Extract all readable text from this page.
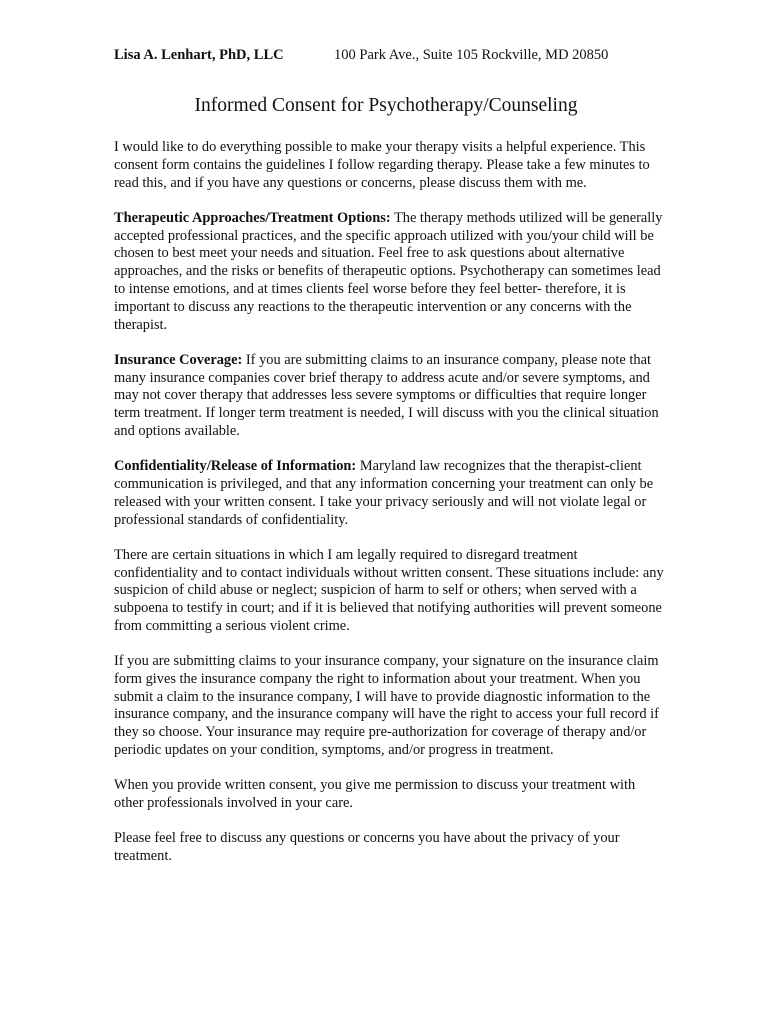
Lisa A. Lenhart, PhD, LLC	100 Park Ave., Suite 105 Rockville, MD 20850
Informed Consent for Psychotherapy/Counseling

I would like to do everything possible to make your therapy visits a helpful experience. This consent form contains the guidelines I follow regarding therapy. Please take a few minutes to read this, and if you have any questions or concerns, please discuss them with me.

Therapeutic Approaches/Treatment Options: The therapy methods utilized will be generally accepted professional practices, and the specific approach utilized with you/your child will be chosen to best meet your needs and situation. Feel free to ask questions about alternative approaches, and the risks or benefits of therapeutic options. Psychotherapy can sometimes lead to intense emotions, and at times clients feel worse before they feel better- therefore, it is important to discuss any reactions to the therapeutic intervention or any concerns with the therapist.

Insurance Coverage: If you are submitting claims to an insurance company, please note that many insurance companies cover brief therapy to address acute and/or severe symptoms, and may not cover therapy that addresses less severe symptoms or difficulties that require longer term treatment. If longer term treatment is needed, I will discuss with you the clinical situation and options available.

Confidentiality/Release of Information: Maryland law recognizes that the therapist-client communication is privileged, and that any information concerning your treatment can only be released with your written consent. I take your privacy seriously and will not violate legal or professional standards of confidentiality.

There are certain situations in which I am legally required to disregard treatment confidentiality and to contact individuals without written consent. These situations include: any suspicion of child abuse or neglect; suspicion of harm to self or others; when served with a subpoena to testify in court; and if it is believed that notifying authorities will prevent someone from committing a serious violent crime.

If you are submitting claims to your insurance company, your signature on the insurance claim form gives the insurance company the right to information about your treatment. When you submit a claim to the insurance company, I will have to provide diagnostic information to the insurance company, and the insurance company will have the right to access your full record if they so choose. Your insurance may require pre-authorization for coverage of therapy and/or periodic updates on your condition, symptoms, and/or progress in treatment.

When you provide written consent, you give me permission to discuss your treatment with other professionals involved in your care.

Please feel free to discuss any questions or concerns you have about the privacy of your treatment.
